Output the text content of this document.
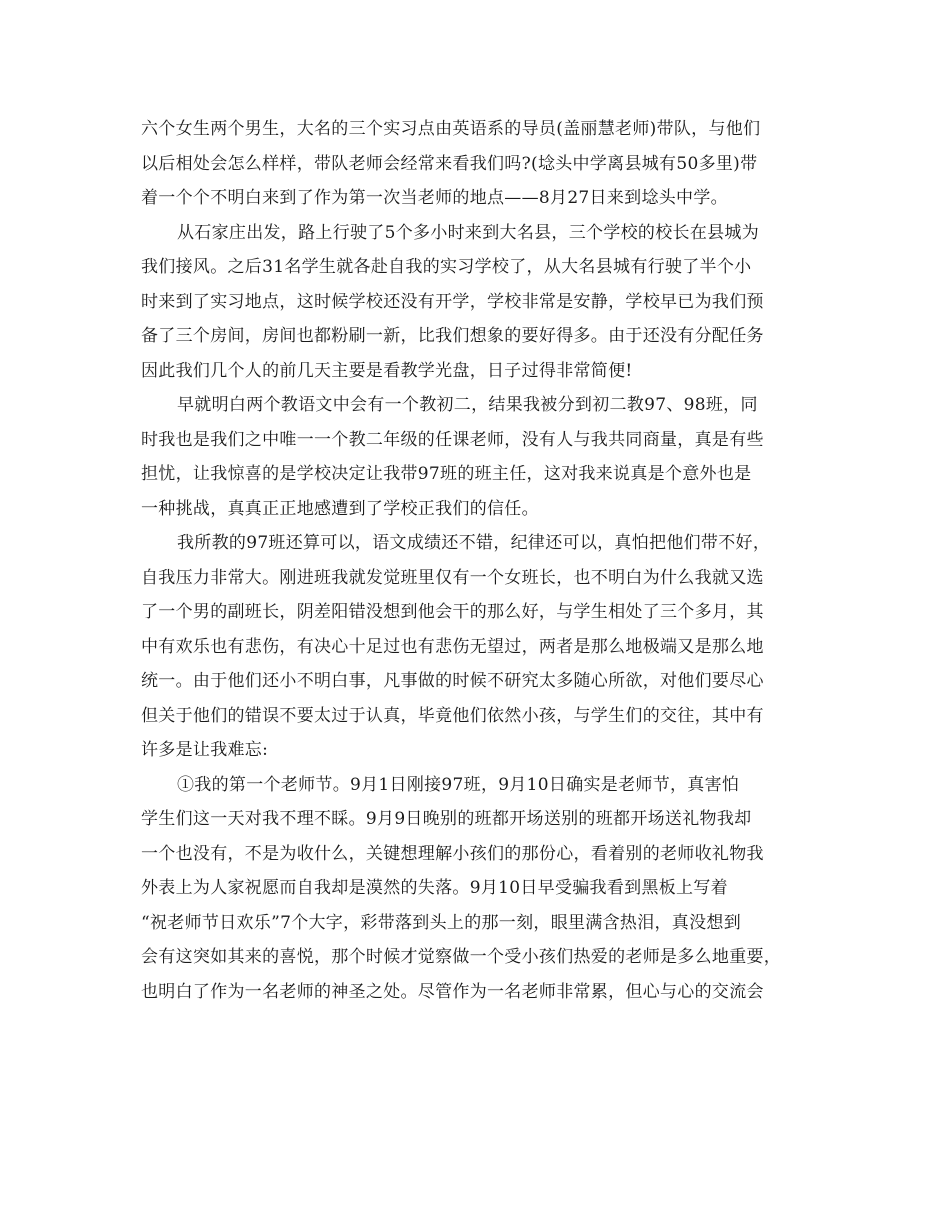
六个女生两个男生，大名的三个实习点由英语系的导员(盖丽慧老师)带队，与他们
以后相处会怎么样样，带队老师会经常来看我们吗?(埝头中学离县城有50多里)带
着一个个不明白来到了作为第一次当老师的地点——8月27日来到埝头中学。
从石家庄出发，路上行驶了5个多小时来到大名县，三个学校的校长在县城为
我们接风。之后31名学生就各赴自我的实习学校了，从大名县城有行驶了半个小
时来到了实习地点，这时候学校还没有开学，学校非常是安静，学校早已为我们预
备了三个房间，房间也都粉刷一新，比我们想象的要好得多。由于还没有分配任务
因此我们几个人的前几天主要是看教学光盘，日子过得非常简便!
早就明白两个教语文中会有一个教初二，结果我被分到初二教97、98班，同
时我也是我们之中唯一一个教二年级的任课老师，没有人与我共同商量，真是有些
担忧，让我惊喜的是学校决定让我带97班的班主任，这对我来说真是个意外也是
一种挑战，真真正正地感遭到了学校正我们的信任。
我所教的97班还算可以，语文成绩还不错，纪律还可以，真怕把他们带不好，
自我压力非常大。刚进班我就发觉班里仅有一个女班长，也不明白为什么我就又选
了一个男的副班长，阴差阳错没想到他会干的那么好，与学生相处了三个多月，其
中有欢乐也有悲伤，有决心十足过也有悲伤无望过，两者是那么地极端又是那么地
统一。由于他们还小不明白事，凡事做的时候不研究太多随心所欲，对他们要尽心
但关于他们的错误不要太过于认真，毕竟他们依然小孩，与学生们的交往，其中有
许多是让我难忘:
①我的第一个老师节。9月1日刚接97班，9月10日确实是老师节，真害怕
学生们这一天对我不理不睬。9月9日晚别的班都开场送别的班都开场送礼物我却
一个也没有，不是为收什么，关键想理解小孩们的那份心，看着别的老师收礼物我
外表上为人家祝愿而自我却是漠然的失落。9月10日早受骗我看到黑板上写着
“祝老师节日欢乐”7个大字，彩带落到头上的那一刻，眼里满含热泪，真没想到
会有这突如其来的喜悦，那个时候才觉察做一个受小孩们热爱的老师是多么地重要，
也明白了作为一名老师的神圣之处。尽管作为一名老师非常累，但心与心的交流会
